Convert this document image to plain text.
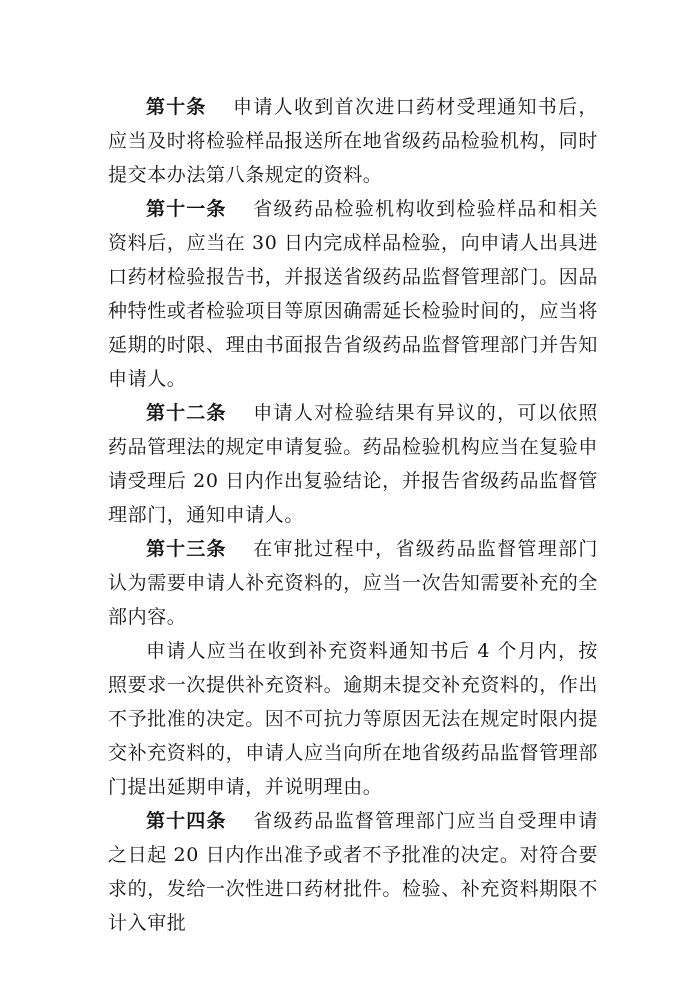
第十条 申请人收到首次进口药材受理通知书后，应当及时将检验样品报送所在地省级药品检验机构，同时提交本办法第八条规定的资料。

第十一条 省级药品检验机构收到检验样品和相关资料后，应当在 30 日内完成样品检验，向申请人出具进口药材检验报告书，并报送省级药品监督管理部门。因品种特性或者检验项目等原因确需延长检验时间的，应当将延期的时限、理由书面报告省级药品监督管理部门并告知申请人。

第十二条 申请人对检验结果有异议的，可以依照药品管理法的规定申请复验。药品检验机构应当在复验申请受理后 20 日内作出复验结论，并报告省级药品监督管理部门，通知申请人。

第十三条 在审批过程中，省级药品监督管理部门认为需要申请人补充资料的，应当一次告知需要补充的全部内容。

申请人应当在收到补充资料通知书后 4 个月内，按照要求一次提供补充资料。逾期未提交补充资料的，作出不予批准的决定。因不可抗力等原因无法在规定时限内提交补充资料的，申请人应当向所在地省级药品监督管理部门提出延期申请，并说明理由。

第十四条 省级药品监督管理部门应当自受理申请之日起 20 日内作出准予或者不予批准的决定。对符合要求的，发给一次性进口药材批件。检验、补充资料期限不计入审批
